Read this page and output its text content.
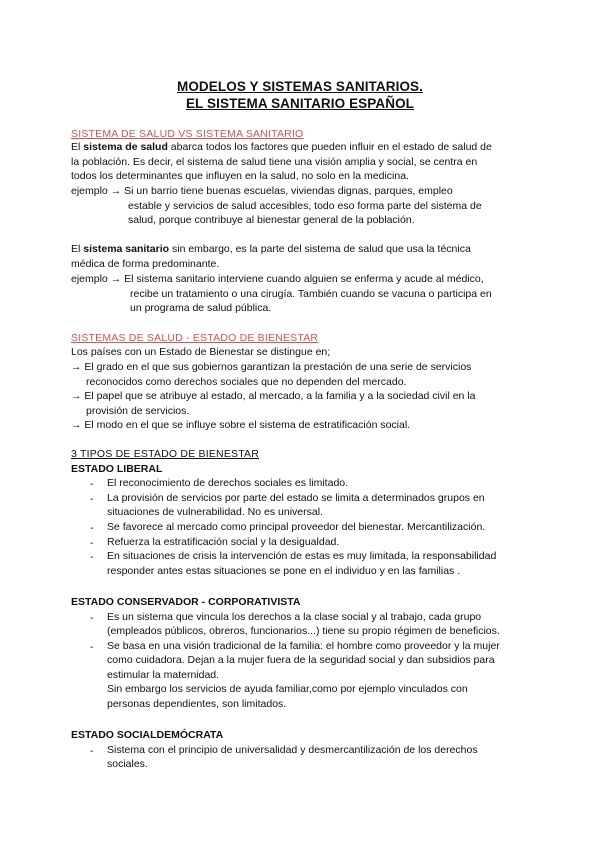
MODELOS Y SISTEMAS SANITARIOS.
EL SISTEMA SANITARIO ESPAÑOL
SISTEMA DE SALUD VS SISTEMA SANITARIO
El sistema de salud abarca todos los factores que pueden influir en el estado de salud de
la población. Es decir, el sistema de salud tiene una visión amplia y social, se centra en
todos los determinantes que influyen en la salud, no solo en la medicina.
ejemplo → Si un barrio tiene buenas escuelas, viviendas dignas, parques, empleo
estable y servicios de salud accesibles, todo eso forma parte del sistema de
salud, porque contribuye al bienestar general de la población.
El sistema sanitario sin embargo, es la parte del sistema de salud que usa la técnica
médica de forma predominante.
ejemplo → El sistema sanitario interviene cuando alguien se enferma y acude al médico,
recibe un tratamiento o una cirugía. También cuando se vacuna o participa en
un programa de salud pública.
SISTEMAS DE SALUD - ESTADO DE BIENESTAR
Los países con un Estado de Bienestar se distingue en;
→ El grado en el que sus gobiernos garantizan la prestación de una serie de servicios
reconocidos como derechos sociales que no dependen del mercado.
→ El papel que se atribuye al estado, al mercado, a la familia y a la sociedad civil en la
provisión de servicios.
→ El modo en el que se influye sobre el sistema de estratificación social.
3 TIPOS DE ESTADO DE BIENESTAR
ESTADO LIBERAL
- El reconocimiento de derechos sociales es limitado.
- La provisión de servicios por parte del estado se limita a determinados grupos en
situaciones de vulnerabilidad. No es universal.
- Se favorece al mercado como principal proveedor del bienestar. Mercantilización.
- Refuerza la estratificación social y la desigualdad.
- En situaciones de crisis la intervención de estas es muy limitada, la responsabilidad
responder antes estas situaciones se pone en el individuo y en las familias .
ESTADO CONSERVADOR - CORPORATIVISTA
- Es un sistema que vincula los derechos a la clase social y al trabajo, cada grupo
(empleados públicos, obreros, funcionarios...) tiene su propio régimen de beneficios.
- Se basa en una visión tradicional de la familia: el hombre como proveedor y la mujer
como cuidadora. Dejan a la mujer fuera de la seguridad social y dan subsidios para
estimular la maternidad.
Sin embargo los servicios de ayuda familiar,como por ejemplo vinculados con
personas dependientes, son limitados.
ESTADO SOCIALDEMÓCRATA
- Sistema con el principio de universalidad y desmercantilización de los derechos
sociales.
